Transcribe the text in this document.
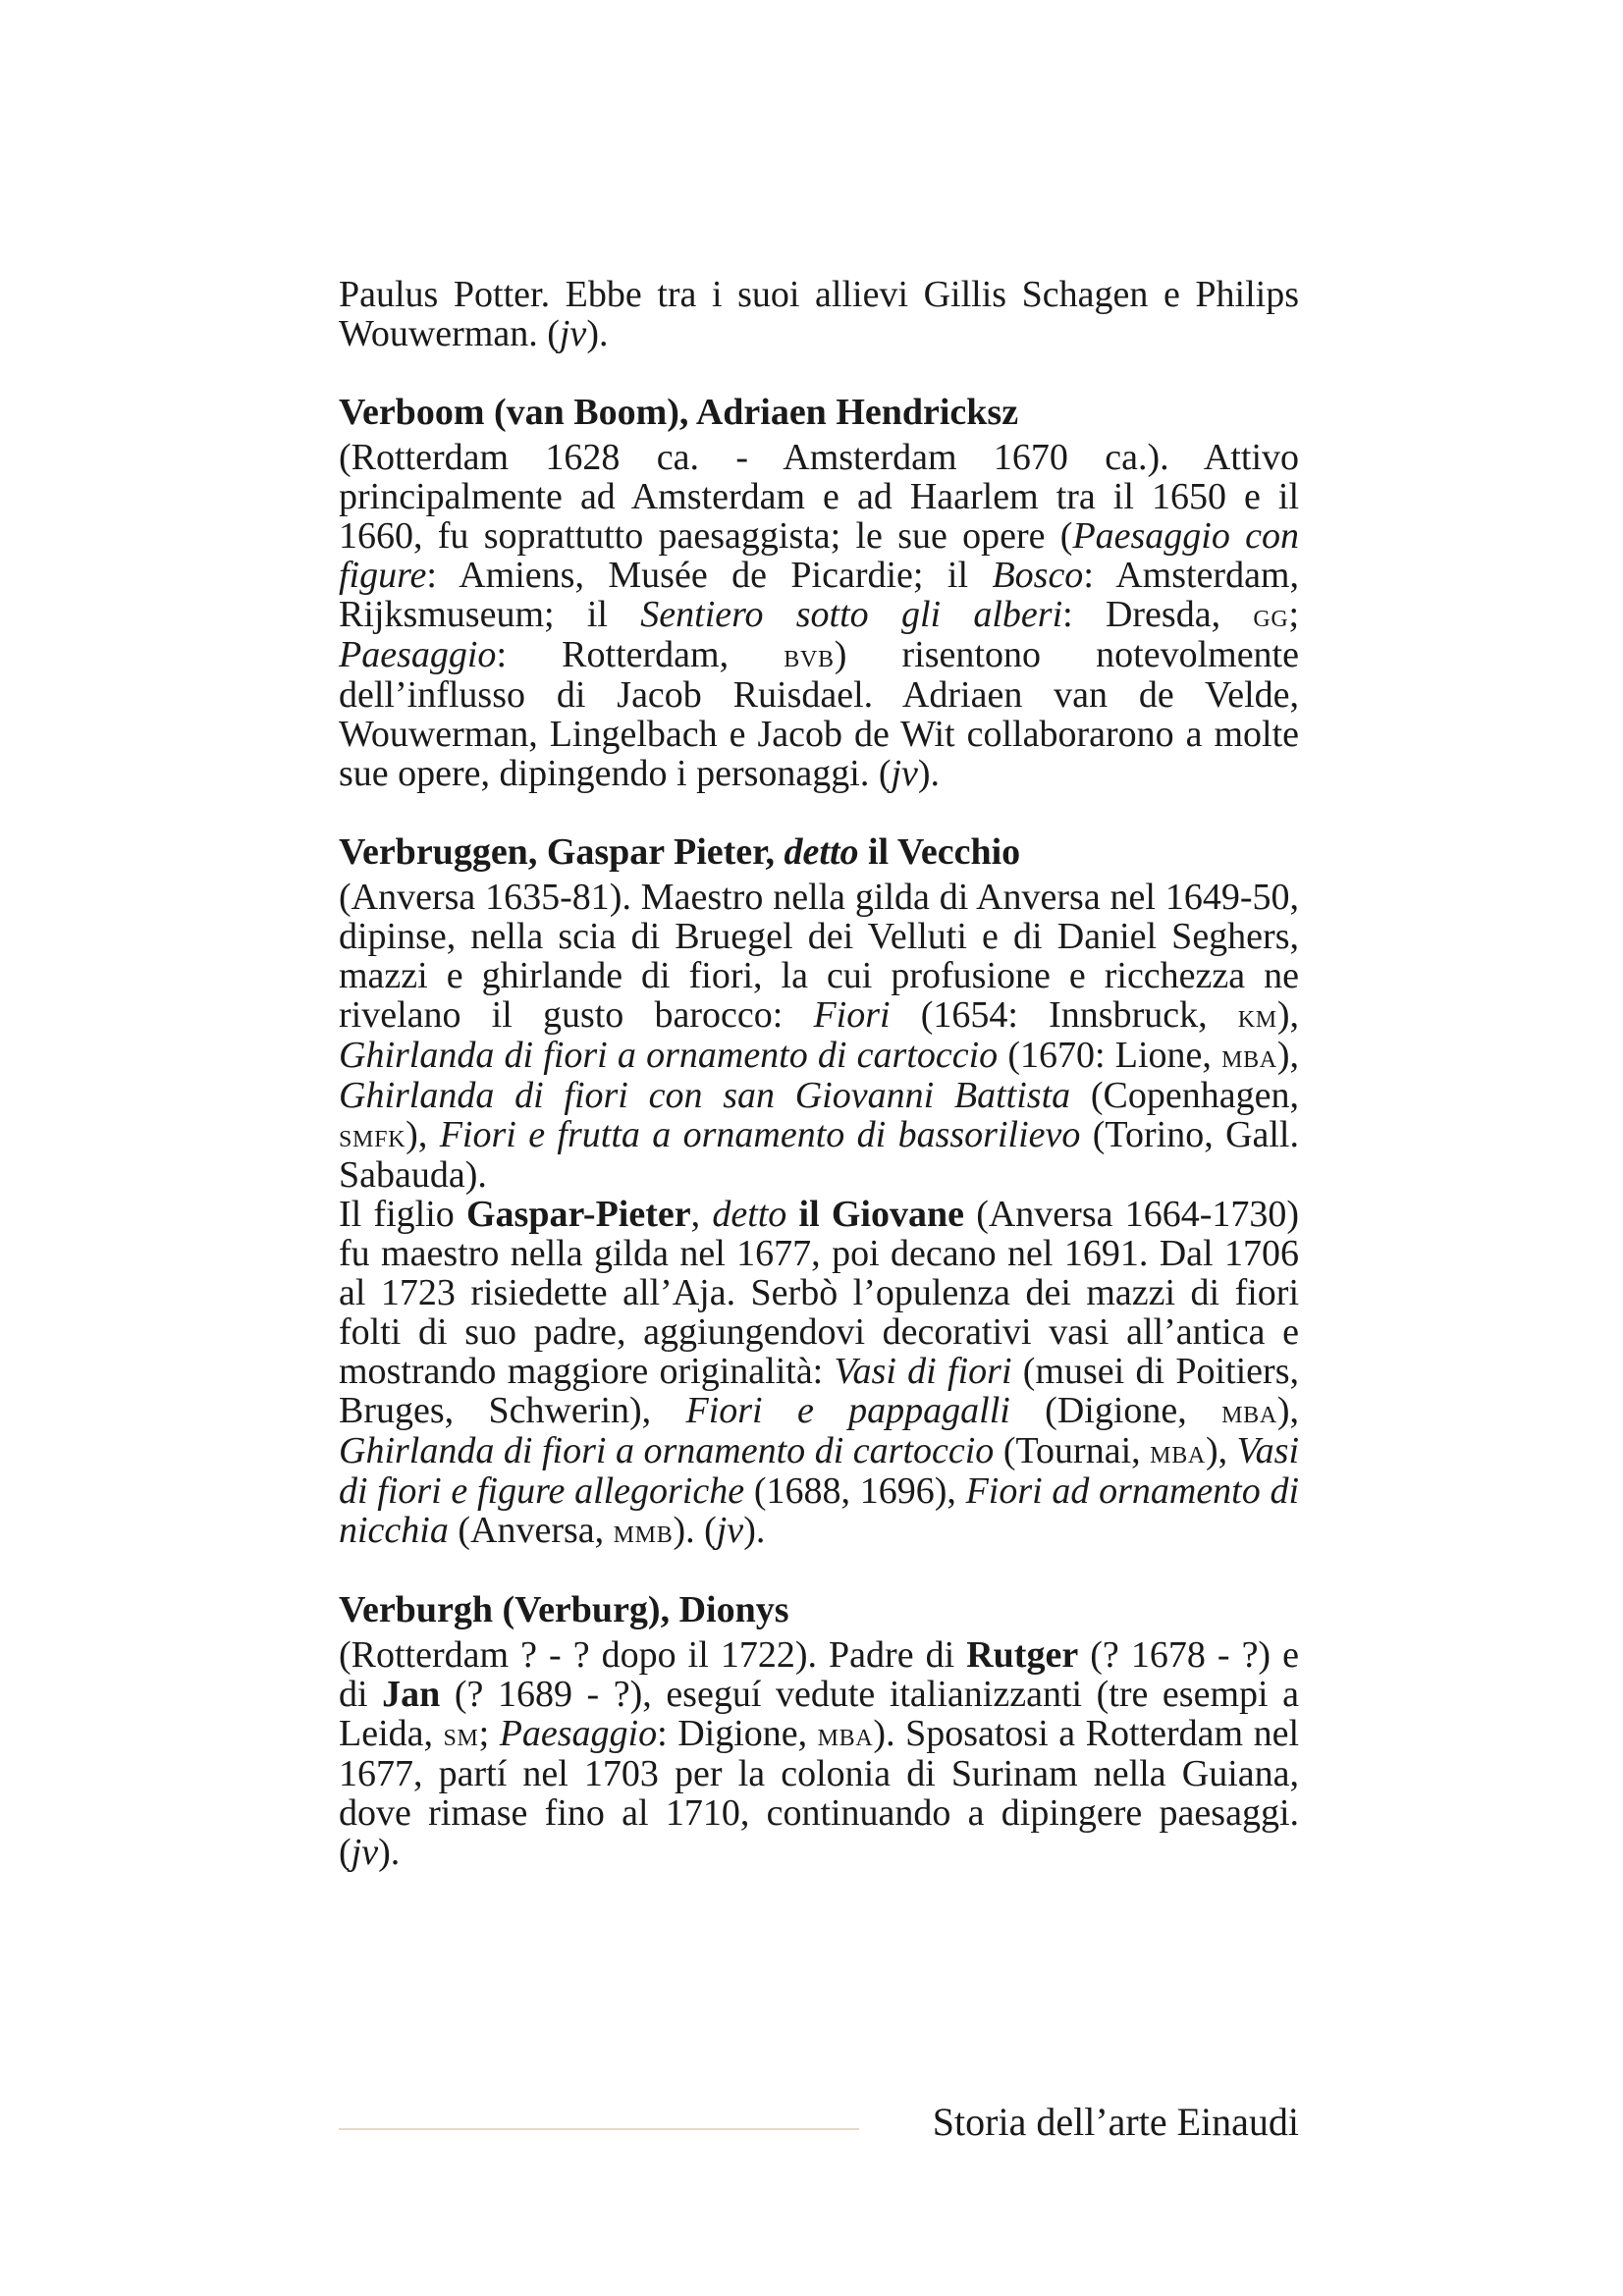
Paulus Potter. Ebbe tra i suoi allievi Gillis Schagen e Philips Wouwerman. (jv).

Verboom (van Boom), Adriaen Hendricksz

(Rotterdam 1628 ca. - Amsterdam 1670 ca.). Attivo principalmente ad Amsterdam e ad Haarlem tra il 1650 e il 1660, fu soprattutto paesaggista; le sue opere (Paesaggio con figure: Amiens, Musée de Picardie; il Bosco: Amsterdam, Rijksmuseum; il Sentiero sotto gli alberi: Dresda, gg; Paesaggio: Rotterdam, bvb) risentono notevolmente dell’influsso di Jacob Ruisdael. Adriaen van de Velde, Wouwerman, Lingelbach e Jacob de Wit collaborarono a molte sue opere, dipingendo i personaggi. (jv).

Verbruggen, Gaspar Pieter, detto il Vecchio

(Anversa 1635-81). Maestro nella gilda di Anversa nel 1649-50, dipinse, nella scia di Bruegel dei Velluti e di Daniel Seghers, mazzi e ghirlande di fiori, la cui profusione e ricchezza ne rivelano il gusto barocco: Fiori (1654: Innsbruck, km), Ghirlanda di fiori a ornamento di cartoccio (1670: Lione, mba), Ghirlanda di fiori con san Giovanni Battista (Copenhagen, smfk), Fiori e frutta a ornamento di bassorilievo (Torino, Gall. Sabauda).

Il figlio Gaspar-Pieter, detto il Giovane (Anversa 1664-1730) fu maestro nella gilda nel 1677, poi decano nel 1691. Dal 1706 al 1723 risiedette all’Aja. Serbò l’opulenza dei mazzi di fiori folti di suo padre, aggiungendovi decorativi vasi all’antica e mostrando maggiore originalità: Vasi di fiori (musei di Poitiers, Bruges, Schwerin), Fiori e pappagalli (Digione, mba), Ghirlanda di fiori a ornamento di cartoccio (Tournai, mba), Vasi di fiori e figure allegoriche (1688, 1696), Fiori ad ornamento di nicchia (Anversa, mmb). (jv).

Verburgh (Verburg), Dionys

(Rotterdam ? - ? dopo il 1722). Padre di Rutger (? 1678 - ?) e di Jan (? 1689 - ?), eseguí vedute italianizzanti (tre esempi a Leida, sm; Paesaggio: Digione, mba). Sposatosi a Rotterdam nel 1677, partí nel 1703 per la colonia di Surinam nella Guiana, dove rimase fino al 1710, continuando a dipingere paesaggi. (jv).

Storia dell’arte Einaudi
